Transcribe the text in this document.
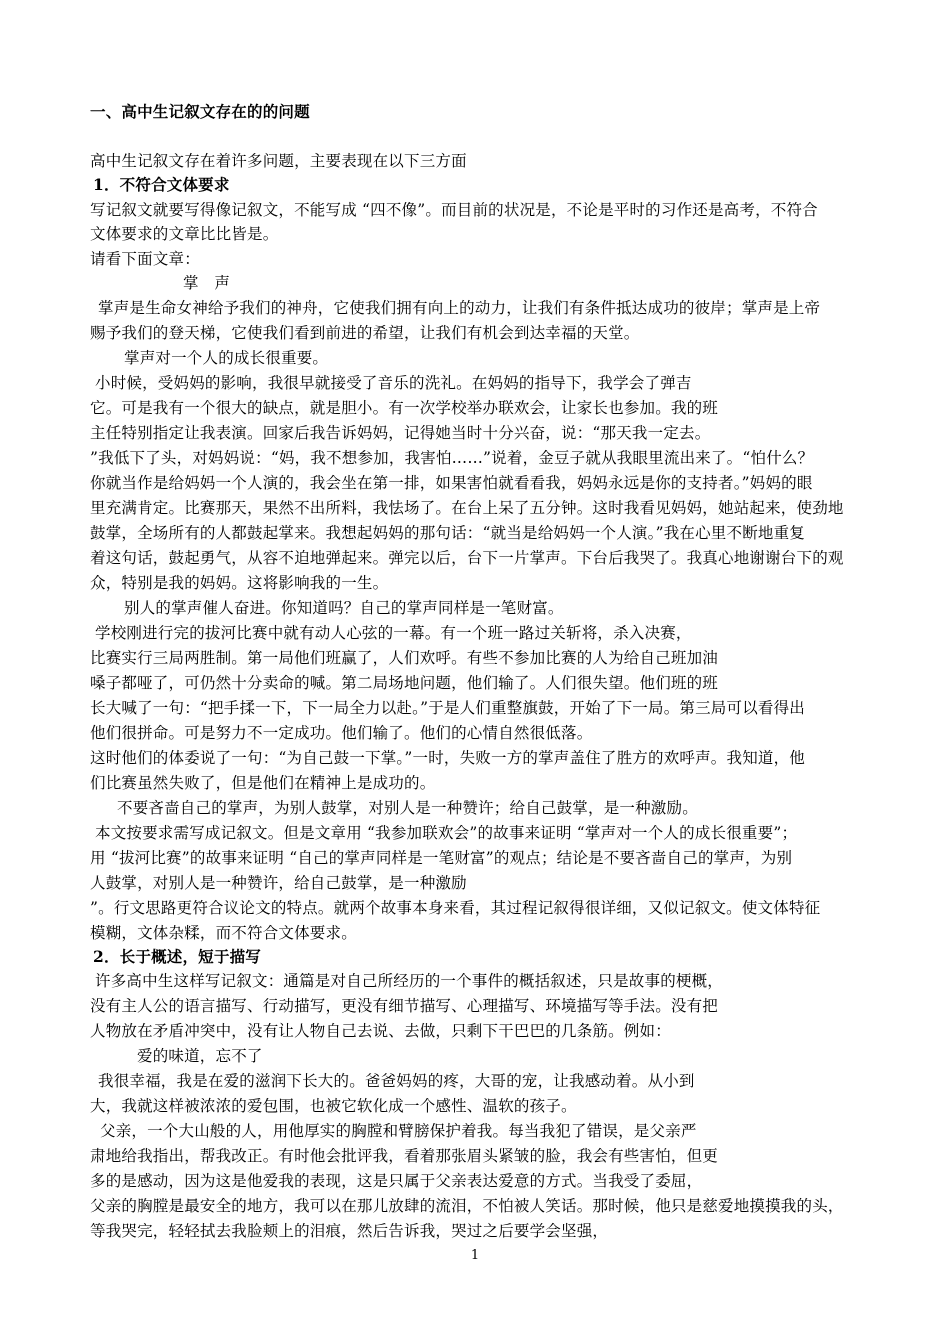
一、高中生记叙文存在的的问题
高中生记叙文存在着许多问题，主要表现在以下三方面
1．不符合文体要求
写记叙文就要写得像记叙文，不能写成 “四不像”。而目前的状况是，不论是平时的习作还是高考，不符合
文体要求的文章比比皆是。
请看下面文章：
掌　声
掌声是生命女神给予我们的神舟，它使我们拥有向上的动力，让我们有条件抵达成功的彼岸；掌声是上帝
赐予我们的登天梯，它使我们看到前进的希望，让我们有机会到达幸福的天堂。
掌声对一个人的成长很重要。
小时候，受妈妈的影响，我很早就接受了音乐的洗礼。在妈妈的指导下，我学会了弹吉
它。可是我有一个很大的缺点，就是胆小。有一次学校举办联欢会，让家长也参加。我的班
主任特别指定让我表演。回家后我告诉妈妈，记得她当时十分兴奋，说：“那天我一定去。
”我低下了头，对妈妈说：“妈，我不想参加，我害怕……”说着，金豆子就从我眼里流出来了。“怕什么？
你就当作是给妈妈一个人演的，我会坐在第一排，如果害怕就看看我，妈妈永远是你的支持者。”妈妈的眼
里充满肯定。比赛那天，果然不出所料，我怯场了。在台上呆了五分钟。这时我看见妈妈，她站起来，使劲地
鼓掌，全场所有的人都鼓起掌来。我想起妈妈的那句话：“就当是给妈妈一个人演。”我在心里不断地重复
着这句话，鼓起勇气，从容不迫地弹起来。弹完以后，台下一片掌声。下台后我哭了。我真心地谢谢台下的观
众，特别是我的妈妈。这将影响我的一生。
别人的掌声催人奋进。你知道吗？自己的掌声同样是一笔财富。
学校刚进行完的拔河比赛中就有动人心弦的一幕。有一个班一路过关斩将，杀入决赛，
比赛实行三局两胜制。第一局他们班赢了，人们欢呼。有些不参加比赛的人为给自己班加油
嗓子都哑了，可仍然十分卖命的喊。第二局场地问题，他们输了。人们很失望。他们班的班
长大喊了一句：“把手揉一下，下一局全力以赴。”于是人们重整旗鼓，开始了下一局。第三局可以看得出
他们很拼命。可是努力不一定成功。他们输了。他们的心情自然很低落。
这时他们的体委说了一句：“为自己鼓一下掌。”一时，失败一方的掌声盖住了胜方的欢呼声。我知道，他
们比赛虽然失败了，但是他们在精神上是成功的。
不要吝啬自己的掌声，为别人鼓掌，对别人是一种赞许；给自己鼓掌，是一种激励。
本文按要求需写成记叙文。但是文章用 “我参加联欢会”的故事来证明 “掌声对一个人的成长很重要”；
用 “拔河比赛”的故事来证明 “自己的掌声同样是一笔财富”的观点；结论是不要吝啬自己的掌声，为别
人鼓掌，对别人是一种赞许，给自己鼓掌，是一种激励
”。行文思路更符合议论文的特点。就两个故事本身来看，其过程记叙得很详细，又似记叙文。使文体特征
模糊，文体杂糅，而不符合文体要求。
2．长于概述，短于描写
许多高中生这样写记叙文：通篇是对自己所经历的一个事件的概括叙述，只是故事的梗概，
没有主人公的语言描写、行动描写，更没有细节描写、心理描写、环境描写等手法。没有把
人物放在矛盾冲突中，没有让人物自己去说、去做，只剩下干巴巴的几条筋。例如：
爱的味道，忘不了
我很幸福，我是在爱的滋润下长大的。爸爸妈妈的疼，大哥的宠，让我感动着。从小到
大，我就这样被浓浓的爱包围，也被它软化成一个感性、温软的孩子。
父亲，一个大山般的人，用他厚实的胸膛和臂膀保护着我。每当我犯了错误，是父亲严
肃地给我指出，帮我改正。有时他会批评我，看着那张眉头紧皱的脸，我会有些害怕，但更
多的是感动，因为这是他爱我的表现，这是只属于父亲表达爱意的方式。当我受了委屈，
父亲的胸膛是最安全的地方，我可以在那儿放肆的流泪，不怕被人笑话。那时候，他只是慈爱地摸摸我的头，
等我哭完，轻轻拭去我脸颊上的泪痕，然后告诉我，哭过之后要学会坚强，
1
